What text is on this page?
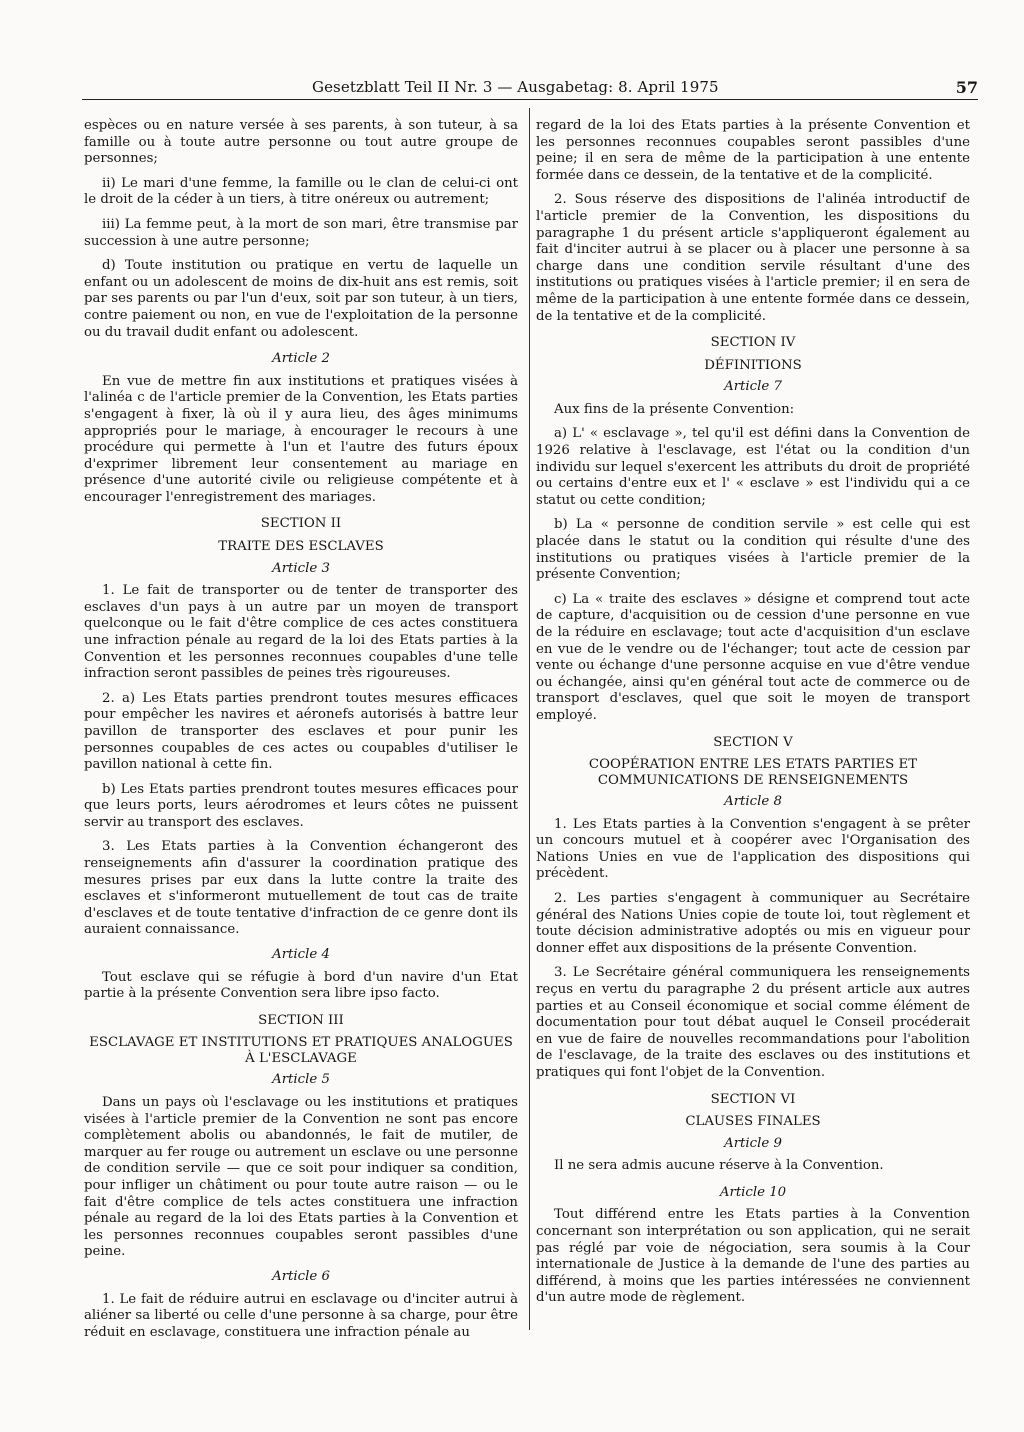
Gesetzblatt Teil II Nr. 3 — Ausgabetag: 8. April 1975	57

espèces ou en nature versée à ses parents, à son tuteur, à sa famille ou à toute autre personne ou tout autre groupe de personnes;

ii) Le mari d'une femme, la famille ou le clan de celui-ci ont le droit de la céder à un tiers, à titre onéreux ou autrement;

iii) La femme peut, à la mort de son mari, être transmise par succession à une autre personne;

d) Toute institution ou pratique en vertu de laquelle un enfant ou un adolescent de moins de dix-huit ans est remis, soit par ses parents ou par l'un d'eux, soit par son tuteur, à un tiers, contre paiement ou non, en vue de l'exploitation de la personne ou du travail dudit enfant ou adolescent.

Article 2

En vue de mettre fin aux institutions et pratiques visées à l'alinéa c de l'article premier de la Convention, les Etats parties s'engagent à fixer, là où il y aura lieu, des âges minimums appropriés pour le mariage, à encourager le recours à une procédure qui permette à l'un et l'autre des futurs époux d'exprimer librement leur consentement au mariage en présence d'une autorité civile ou religieuse compétente et à encourager l'enregistrement des mariages.

SECTION II
TRAITE DES ESCLAVES
Article 3

1. Le fait de transporter ou de tenter de transporter des esclaves d'un pays à un autre par un moyen de transport quelconque ou le fait d'être complice de ces actes constituera une infraction pénale au regard de la loi des Etats parties à la Convention et les personnes reconnues coupables d'une telle infraction seront passibles de peines très rigoureuses.

2. a) Les Etats parties prendront toutes mesures efficaces pour empêcher les navires et aéronefs autorisés à battre leur pavillon de transporter des esclaves et pour punir les personnes coupables de ces actes ou coupables d'utiliser le pavillon national à cette fin.

b) Les Etats parties prendront toutes mesures efficaces pour que leurs ports, leurs aérodromes et leurs côtes ne puissent servir au transport des esclaves.

3. Les Etats parties à la Convention échangeront des renseignements afin d'assurer la coordination pratique des mesures prises par eux dans la lutte contre la traite des esclaves et s'informeront mutuellement de tout cas de traite d'esclaves et de toute tentative d'infraction de ce genre dont ils auraient connaissance.

Article 4

Tout esclave qui se réfugie à bord d'un navire d'un Etat partie à la présente Convention sera libre ipso facto.

SECTION III
ESCLAVAGE ET INSTITUTIONS ET PRATIQUES ANALOGUES À L'ESCLAVAGE
Article 5

Dans un pays où l'esclavage ou les institutions et pratiques visées à l'article premier de la Convention ne sont pas encore complètement abolis ou abandonnés, le fait de mutiler, de marquer au fer rouge ou autrement un esclave ou une personne de condition servile — que ce soit pour indiquer sa condition, pour infliger un châtiment ou pour toute autre raison — ou le fait d'être complice de tels actes constituera une infraction pénale au regard de la loi des Etats parties à la Convention et les personnes reconnues coupables seront passibles d'une peine.

Article 6

1. Le fait de réduire autrui en esclavage ou d'inciter autrui à aliéner sa liberté ou celle d'une personne à sa charge, pour être réduit en esclavage, constituera une infraction pénale au

regard de la loi des Etats parties à la présente Convention et les personnes reconnues coupables seront passibles d'une peine; il en sera de même de la participation à une entente formée dans ce dessein, de la tentative et de la complicité.

2. Sous réserve des dispositions de l'alinéa introductif de l'article premier de la Convention, les dispositions du paragraphe 1 du présent article s'appliqueront également au fait d'inciter autrui à se placer ou à placer une personne à sa charge dans une condition servile résultant d'une des institutions ou pratiques visées à l'article premier; il en sera de même de la participation à une entente formée dans ce dessein, de la tentative et de la complicité.

SECTION IV
DÉFINITIONS
Article 7

Aux fins de la présente Convention:

a) L' « esclavage », tel qu'il est défini dans la Convention de 1926 relative à l'esclavage, est l'état ou la condition d'un individu sur lequel s'exercent les attributs du droit de propriété ou certains d'entre eux et l' « esclave » est l'individu qui a ce statut ou cette condition;

b) La « personne de condition servile » est celle qui est placée dans le statut ou la condition qui résulte d'une des institutions ou pratiques visées à l'article premier de la présente Convention;

c) La « traite des esclaves » désigne et comprend tout acte de capture, d'acquisition ou de cession d'une personne en vue de la réduire en esclavage; tout acte d'acquisition d'un esclave en vue de le vendre ou de l'échanger; tout acte de cession par vente ou échange d'une personne acquise en vue d'être vendue ou échangée, ainsi qu'en général tout acte de commerce ou de transport d'esclaves, quel que soit le moyen de transport employé.

SECTION V
COOPÉRATION ENTRE LES ETATS PARTIES ET COMMUNICATIONS DE RENSEIGNEMENTS
Article 8

1. Les Etats parties à la Convention s'engagent à se prêter un concours mutuel et à coopérer avec l'Organisation des Nations Unies en vue de l'application des dispositions qui précèdent.

2. Les parties s'engagent à communiquer au Secrétaire général des Nations Unies copie de toute loi, tout règlement et toute décision administrative adoptés ou mis en vigueur pour donner effet aux dispositions de la présente Convention.

3. Le Secrétaire général communiquera les renseignements reçus en vertu du paragraphe 2 du présent article aux autres parties et au Conseil économique et social comme élément de documentation pour tout débat auquel le Conseil procéderait en vue de faire de nouvelles recommandations pour l'abolition de l'esclavage, de la traite des esclaves ou des institutions et pratiques qui font l'objet de la Convention.

SECTION VI
CLAUSES FINALES
Article 9

Il ne sera admis aucune réserve à la Convention.

Article 10

Tout différend entre les Etats parties à la Convention concernant son interprétation ou son application, qui ne serait pas réglé par voie de négociation, sera soumis à la Cour internationale de Justice à la demande de l'une des parties au différend, à moins que les parties intéressées ne conviennent d'un autre mode de règlement.
